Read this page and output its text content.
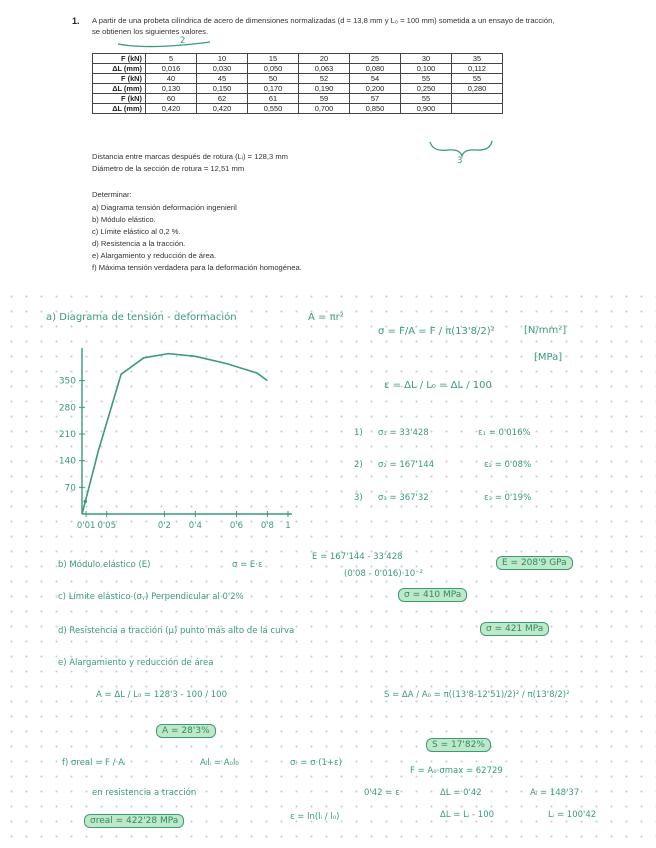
1. A partir de una probeta cilíndrica de acero de dimensiones normalizadas (d = 13,8 mm y L₀ = 100 mm) sometida a un ensayo de tracción, se obtienen los siguientes valores.
F (kN)	5	10	15	20	25	30	35
ΔL (mm)	0,016	0,030	0,050	0,063	0,080	0,100	0,112
F (kN)	40	45	50	52	54	55	55
ΔL (mm)	0,130	0,150	0,170	0,190	0,200	0,250	0,280
F (kN)	60	62	61	59	57	55	
ΔL (mm)	0,420	0,420	0,550	0,700	0,850	0,900	
Distancia entre marcas después de rotura (Lᵢ) = 128,3 mm
Diámetro de la sección de rotura = 12,51 mm
Determinar:
a) Diagrama tensión deformación ingenieril
b) Módulo elástico.
c) Límite elástico al 0,2 %.
d) Resistencia a la tracción.
e) Alargamiento y reducción de área.
f) Máxima tensión verdadera para la deformación homogénea.
2
3
a) Diagrama de tensión - deformación	A = πr²
70
140
210
280
350
0'01 0'05	0'2 0'4	0'6 0'8 1
σ = F/A = F / π(13'8/2)²	[N/mm²]
[MPa]
ε = ΔL / L₀ = ΔL / 100
1) σ₁ = 33'428	ε₁ = 0'016%
2) σ₂ = 167'144	ε₂ = 0'08%
3) σ₃ = 367'32	ε₃ = 0'19%
b) Módulo elástico (E)	σ = E·ε
E = 167'144 - 33'428
(0'08 - 0'016)·10⁻²
E = 208'9 GPa
c) Límite elástico (σᵧ) Perpendicular al 0'2%	σ = 410 MPa
d) Resistencia a tracción (μ) punto más alto de la curva	σ = 421 MPa
e) Alargamiento y reducción de área
A = ΔL / L₀ = 128'3 - 100 / 100
A = 28'3%
S = ΔA / A₀ = π((13'8-12'51)/2)² / π(13'8/2)²
S = 17'82%
f) σreal = F / Aᵢ	Aᵢlᵢ = A₀l₀	σᵣ = σ·(1+ε)
F = A₀·σmax = 62729
en resistencia a tracción	0'42 = ε	ΔL = 0'42	Aᵢ = 148'37
ε = ln(lᵢ / l₀)	ΔL = Lᵢ - 100	Lᵢ = 100'42
σreal = 422'28 MPa
